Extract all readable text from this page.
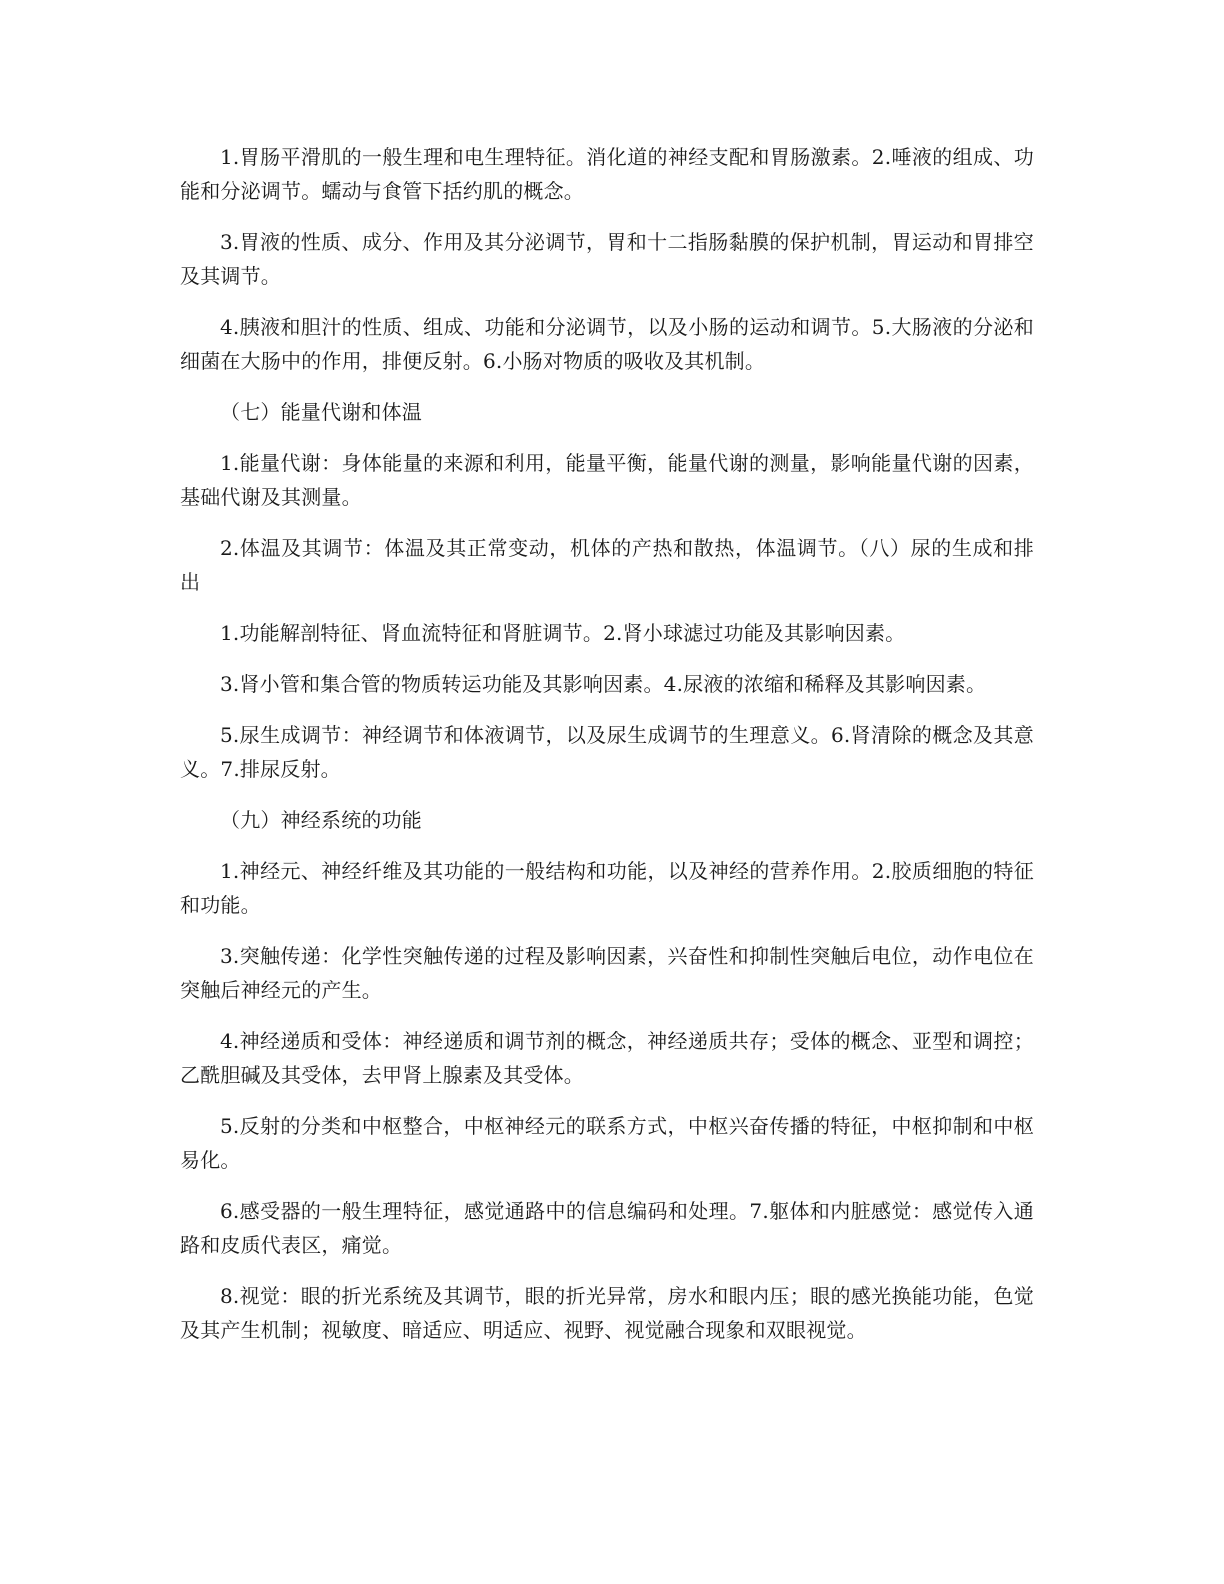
1.胃肠平滑肌的一般生理和电生理特征。消化道的神经支配和胃肠激素。2.唾液的组成、功能和分泌调节。蠕动与食管下括约肌的概念。

3.胃液的性质、成分、作用及其分泌调节，胃和十二指肠黏膜的保护机制，胃运动和胃排空及其调节。

4.胰液和胆汁的性质、组成、功能和分泌调节，以及小肠的运动和调节。5.大肠液的分泌和细菌在大肠中的作用，排便反射。6.小肠对物质的吸收及其机制。

（七）能量代谢和体温

1.能量代谢：身体能量的来源和利用，能量平衡，能量代谢的测量，影响能量代谢的因素，基础代谢及其测量。

2.体温及其调节：体温及其正常变动，机体的产热和散热，体温调节。（八）尿的生成和排出

1.功能解剖特征、肾血流特征和肾脏调节。2.肾小球滤过功能及其影响因素。

3.肾小管和集合管的物质转运功能及其影响因素。4.尿液的浓缩和稀释及其影响因素。

5.尿生成调节：神经调节和体液调节，以及尿生成调节的生理意义。6.肾清除的概念及其意义。7.排尿反射。

（九）神经系统的功能

1.神经元、神经纤维及其功能的一般结构和功能，以及神经的营养作用。2.胶质细胞的特征和功能。

3.突触传递：化学性突触传递的过程及影响因素，兴奋性和抑制性突触后电位，动作电位在突触后神经元的产生。

4.神经递质和受体：神经递质和调节剂的概念，神经递质共存；受体的概念、亚型和调控；乙酰胆碱及其受体，去甲肾上腺素及其受体。

5.反射的分类和中枢整合，中枢神经元的联系方式，中枢兴奋传播的特征，中枢抑制和中枢易化。

6.感受器的一般生理特征，感觉通路中的信息编码和处理。7.躯体和内脏感觉：感觉传入通路和皮质代表区，痛觉。

8.视觉：眼的折光系统及其调节，眼的折光异常，房水和眼内压；眼的感光换能功能，色觉及其产生机制；视敏度、暗适应、明适应、视野、视觉融合现象和双眼视觉。
